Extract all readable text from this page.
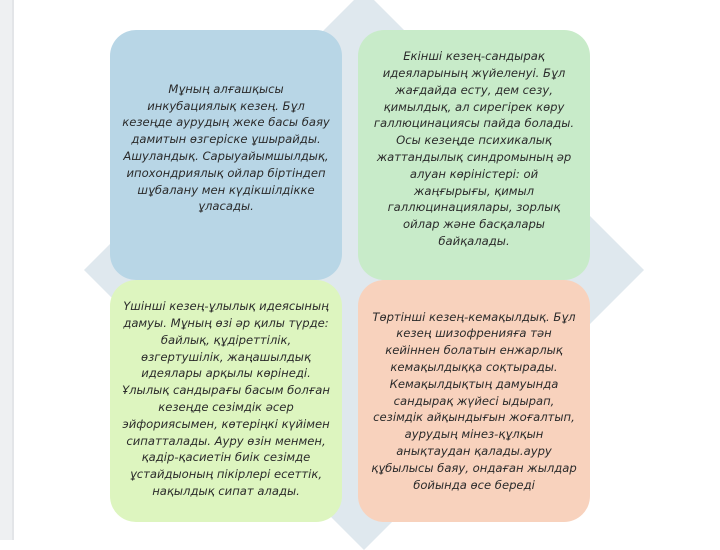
Мұның алғашқысы инкубациялық кезең. Бұл кезеңде аурудың жеке басы баяу дамитын өзгеріске ұшырайды. Ашуландық. Сарыуайымшылдық, ипохондриялық ойлар біртіндеп шұбалану мен күдікшілдікке ұласады.
Екінші кезең-сандырақ идеяларының жүйеленуі. Бұл жағдайда есту, дем сезу, қимылдық, ал сирегірек көру галлюцинациясы пайда болады. Осы кезеңде психикалық жаттандылық синдромының әр алуан көріністері: ой жаңғырығы, қимыл галлюцинациялары, зорлық ойлар және басқалары байқалады.
Үшінші кезең-ұлылық идеясының дамуы. Мұның өзі әр қилы түрде: байлық, құдіреттілік, өзгертушілік, жаңашылдық идеялары арқылы көрінеді. Ұлылық сандырағы басым болған кезеңде сезімдік әсер эйфориясымен, көтеріңкі күйімен сипатталады. Ауру өзін менмен, қадір-қасиетін биік сезімде ұстайдыоның пікірлері есеттік, нақылдық сипат алады.
Төртінші кезең-кемақылдық. Бұл кезең шизофренияға тән кейіннен болатын енжарлық кемақылдыққа соқтырады. Кемақылдықтың дамуында сандырақ жүйесі ыдырап, сезімдік айқындығын жоғалтып, аурудың мінез-құлқын анықтаудан қалады.ауру құбылысы баяу, ондаған жылдар бойында өсе береді
